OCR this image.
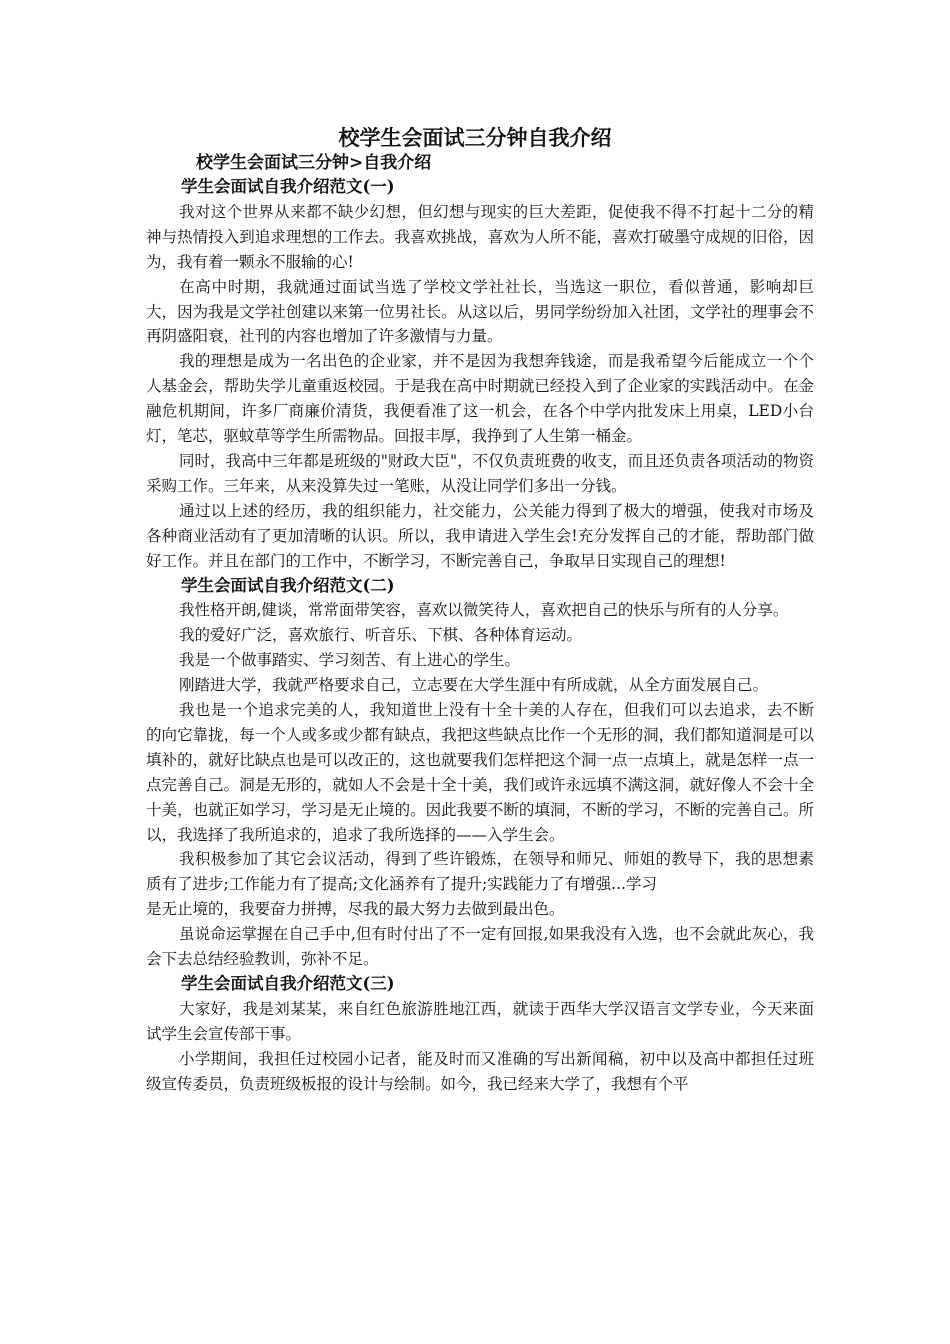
校学生会面试三分钟自我介绍
校学生会面试三分钟>自我介绍
学生会面试自我介绍范文(一)

我对这个世界从来都不缺少幻想，但幻想与现实的巨大差距，促使我不得不打起十二分的精神与热情投入到追求理想的工作去。我喜欢挑战，喜欢为人所不能，喜欢打破墨守成规的旧俗，因为，我有着一颗永不服输的心!

在高中时期，我就通过面试当选了学校文学社社长，当选这一职位，看似普通，影响却巨大，因为我是文学社创建以来第一位男社长。从这以后，男同学纷纷加入社团，文学社的理事会不再阴盛阳衰，社刊的内容也增加了许多激情与力量。

我的理想是成为一名出色的企业家，并不是因为我想奔钱途，而是我希望今后能成立一个个人基金会，帮助失学儿童重返校园。于是我在高中时期就已经投入到了企业家的实践活动中。在金融危机期间，许多厂商廉价清货，我便看准了这一机会，在各个中学内批发床上用桌，LED小台灯，笔芯，驱蚊草等学生所需物品。回报丰厚，我挣到了人生第一桶金。

同时，我高中三年都是班级的"财政大臣"，不仅负责班费的收支，而且还负责各项活动的物资采购工作。三年来，从来没算失过一笔账，从没让同学们多出一分钱。

通过以上述的经历，我的组织能力，社交能力，公关能力得到了极大的增强，使我对市场及各种商业活动有了更加清晰的认识。所以，我申请进入学生会!充分发挥自己的才能，帮助部门做好工作。并且在部门的工作中，不断学习，不断完善自己，争取早日实现自己的理想!

学生会面试自我介绍范文(二)

我性格开朗,健谈，常常面带笑容，喜欢以微笑待人，喜欢把自己的快乐与所有的人分享。

我的爱好广泛，喜欢旅行、听音乐、下棋、各种体育运动。

我是一个做事踏实、学习刻苦、有上进心的学生。

刚踏进大学，我就严格要求自己，立志要在大学生涯中有所成就，从全方面发展自己。

我也是一个追求完美的人，我知道世上没有十全十美的人存在，但我们可以去追求，去不断的向它靠拢，每一个人或多或少都有缺点，我把这些缺点比作一个无形的洞，我们都知道洞是可以填补的，就好比缺点也是可以改正的，这也就要我们怎样把这个洞一点一点填上，就是怎样一点一点完善自己。洞是无形的，就如人不会是十全十美，我们或许永远填不满这洞，就好像人不会十全十美，也就正如学习，学习是无止境的。因此我要不断的填洞，不断的学习，不断的完善自己。所以，我选择了我所追求的，追求了我所选择的——入学生会。

我积极参加了其它会议活动，得到了些许锻炼，在领导和师兄、师姐的教导下，我的思想素质有了进步;工作能力有了提高;文化涵养有了提升;实践能力了有增强...学习

是无止境的，我要奋力拼搏，尽我的最大努力去做到最出色。

虽说命运掌握在自己手中,但有时付出了不一定有回报,如果我没有入选，也不会就此灰心，我会下去总结经验教训，弥补不足。

学生会面试自我介绍范文(三)

大家好，我是刘某某，来自红色旅游胜地江西，就读于西华大学汉语言文学专业，今天来面试学生会宣传部干事。

小学期间，我担任过校园小记者，能及时而又准确的写出新闻稿，初中以及高中都担任过班级宣传委员，负责班级板报的设计与绘制。如今，我已经来大学了，我想有个平
